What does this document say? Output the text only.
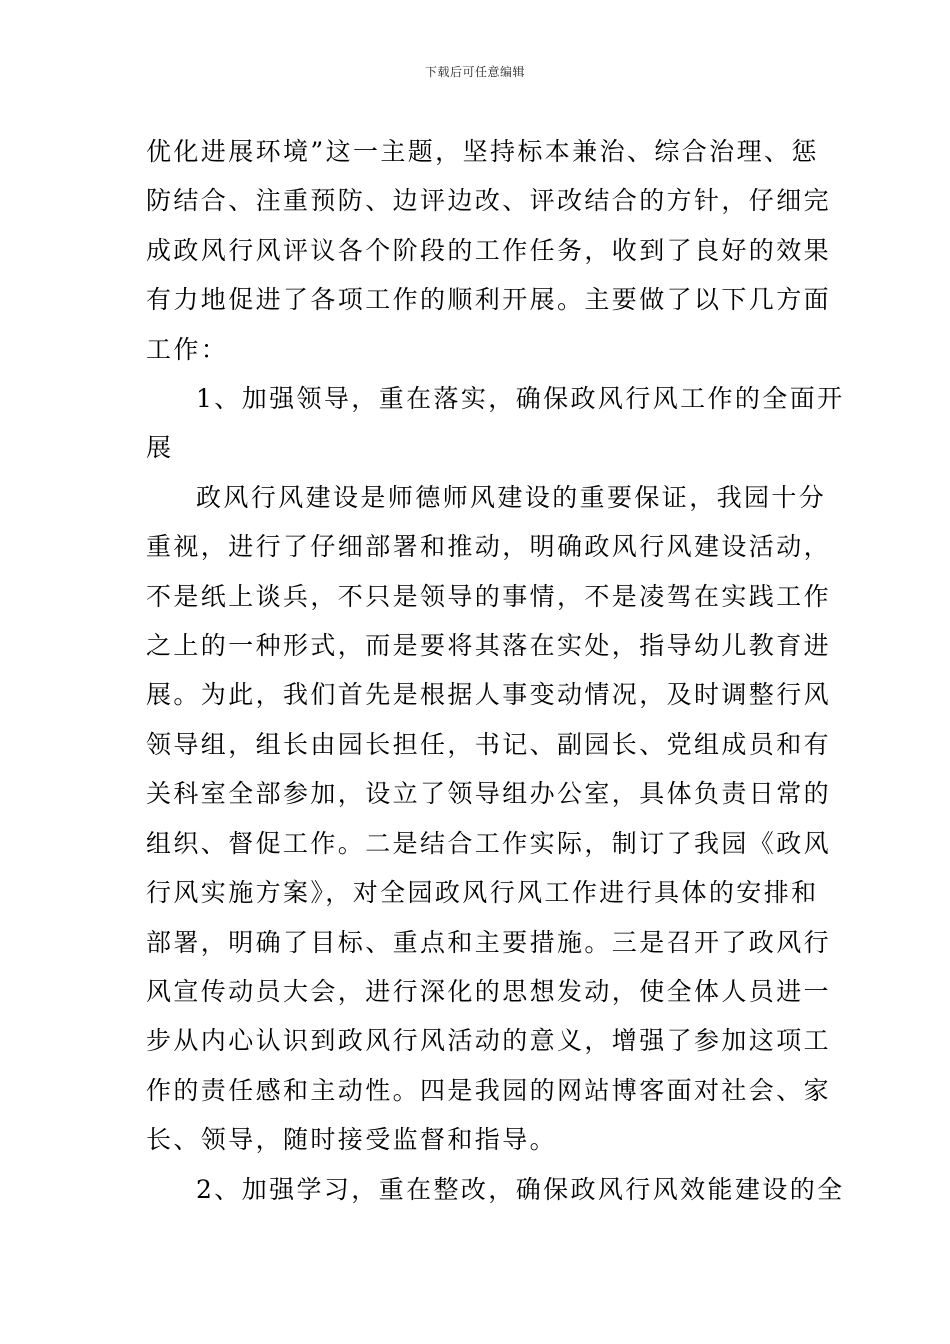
下载后可任意编辑
优化进展环境”这一主题，坚持标本兼治、综合治理、惩
防结合、注重预防、边评边改、评改结合的方针，仔细完
成政风行风评议各个阶段的工作任务，收到了良好的效果
有力地促进了各项工作的顺利开展。主要做了以下几方面
工作：
1、加强领导，重在落实，确保政风行风工作的全面开
展
政风行风建设是师德师风建设的重要保证，我园十分
重视，进行了仔细部署和推动，明确政风行风建设活动，
不是纸上谈兵，不只是领导的事情，不是凌驾在实践工作
之上的一种形式，而是要将其落在实处，指导幼儿教育进
展。为此，我们首先是根据人事变动情况，及时调整行风
领导组，组长由园长担任，书记、副园长、党组成员和有
关科室全部参加，设立了领导组办公室，具体负责日常的
组织、督促工作。二是结合工作实际，制订了我园《政风
行风实施方案》，对全园政风行风工作进行具体的安排和
部署，明确了目标、重点和主要措施。三是召开了政风行
风宣传动员大会，进行深化的思想发动，使全体人员进一
步从内心认识到政风行风活动的意义，增强了参加这项工
作的责任感和主动性。四是我园的网站博客面对社会、家
长、领导，随时接受监督和指导。
2、加强学习，重在整改，确保政风行风效能建设的全
